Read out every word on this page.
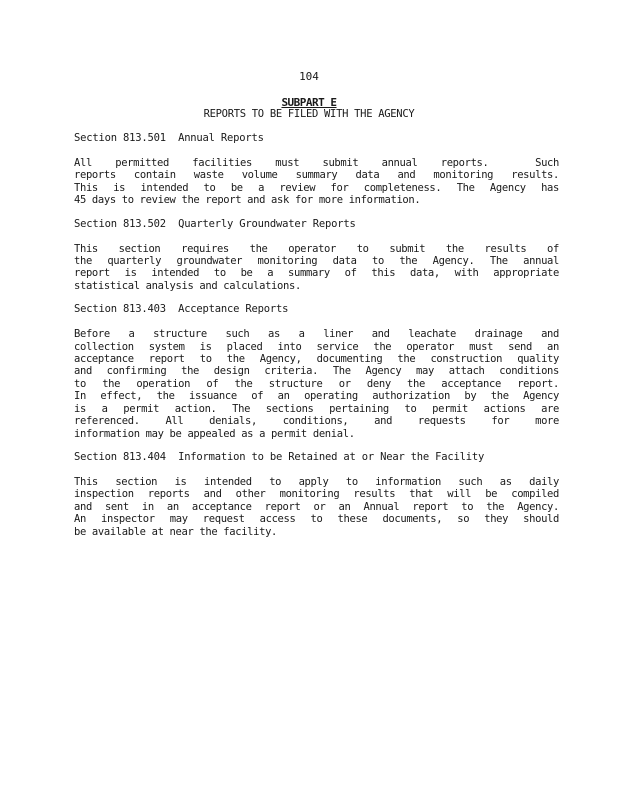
104
SUBPART E
REPORTS TO BE FILED WITH THE AGENCY
Section 813.501  Annual Reports
All permitted facilities must submit annual reports.  Such
reports contain waste volume summary data and monitoring results.
This is intended to be a review for completeness. The Agency has
45 days to review the report and ask for more information.
Section 813.502  Quarterly Groundwater Reports
This section requires the operator to submit the results of
the quarterly groundwater monitoring data to the Agency. The annual
report is intended to be a summary of this data, with appropriate
statistical analysis and calculations.
Section 813.403  Acceptance Reports
Before a structure such as a liner and leachate drainage and
collection system is placed into service the operator must send an
acceptance report to the Agency, documenting the construction quality
and confirming the design criteria. The Agency may attach conditions
to the operation of the structure or deny the acceptance report.
In effect, the issuance of an operating authorization by the Agency
is a permit action. The sections pertaining to permit actions are
referenced. All denials, conditions, and requests for more
information may be appealed as a permit denial.
Section 813.404  Information to be Retained at or Near the Facility
This section is intended to apply to information such as daily
inspection reports and other monitoring results that will be compiled
and sent in an acceptance report or an Annual report to the Agency.
An inspector may request access to these documents, so they should
be available at near the facility.
